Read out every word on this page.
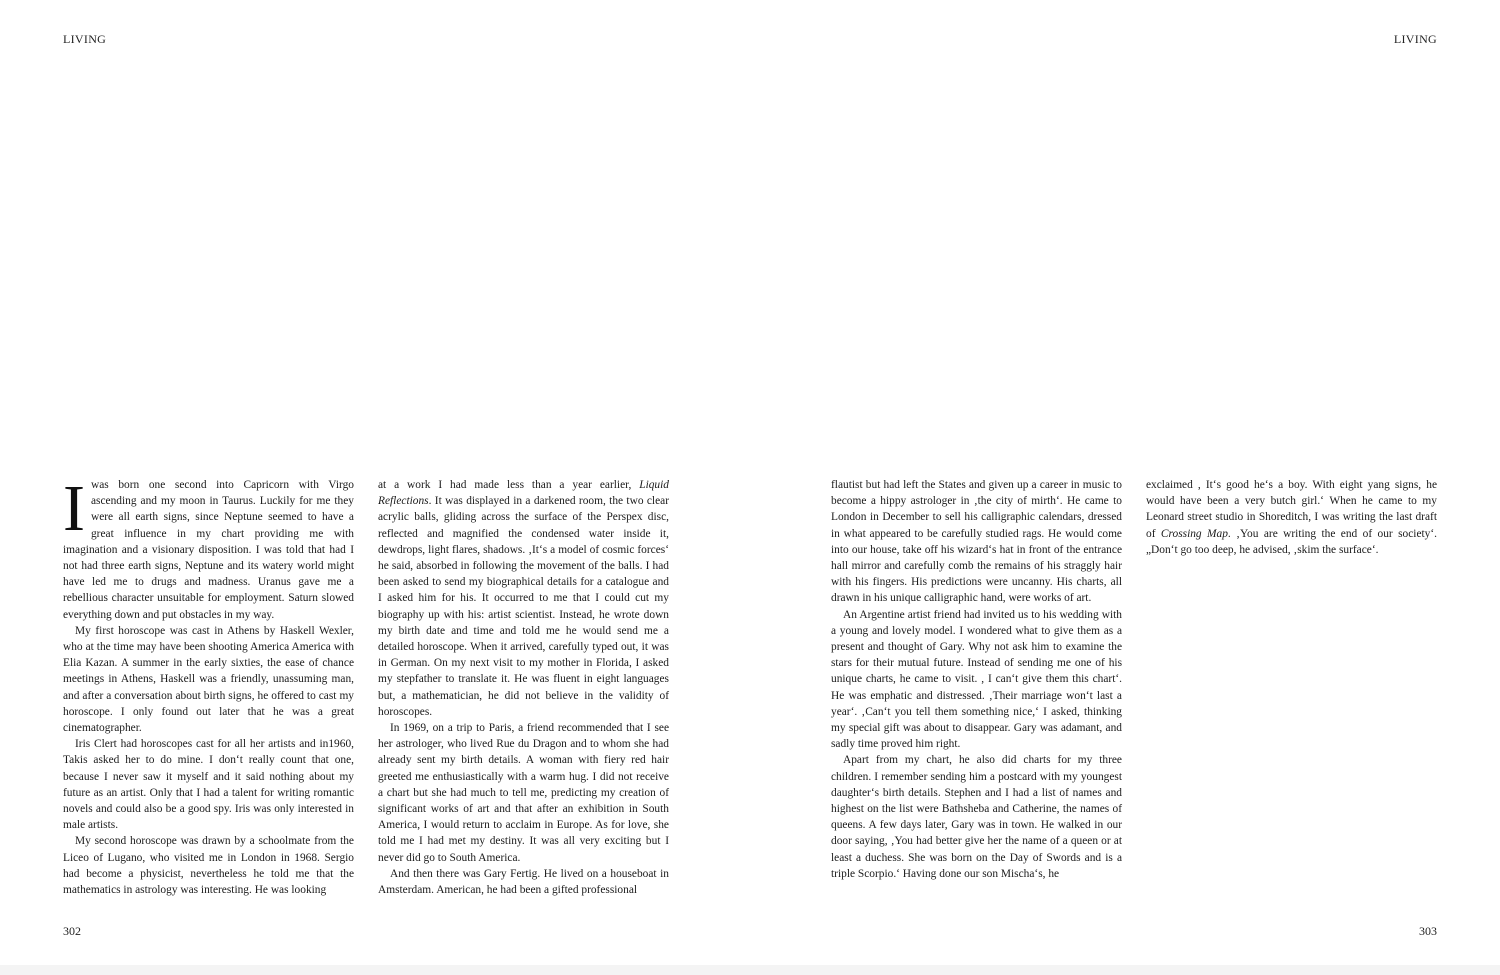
LIVING	LIVING

Iwas born one second into Capricorn with Virgo ascending and my moon in Taurus. Luckily for me they were all earth signs, since Neptune seemed to have a great influence in my chart providing me with imagination and a visionary disposition. I was told that had I not had three earth signs, Neptune and its watery world might have led me to drugs and madness. Uranus gave me a rebellious character unsuitable for employment. Saturn slowed everything down and put obstacles in my way.

My first horoscope was cast in Athens by Haskell Wexler, who at the time may have been shooting America America with Elia Kazan. A summer in the early sixties, the ease of chance meetings in Athens, Haskell was a friendly, unassuming man, and after a conversation about birth signs, he offered to cast my horoscope. I only found out later that he was a great cinematographer.

Iris Clert had horoscopes cast for all her artists and in1960, Takis asked her to do mine. I don‘t really count that one, because I never saw it myself and it said nothing about my future as an artist. Only that I had a talent for writing romantic novels and could also be a good spy. Iris was only interested in male artists.

My second horoscope was drawn by a schoolmate from the Liceo of Lugano, who visited me in London in 1968. Sergio had become a physicist, nevertheless he told me that the mathematics in astrology was interesting. He was looking

at a work I had made less than a year earlier, Liquid Reflections. It was displayed in a darkened room, the two clear acrylic balls, gliding across the surface of the Perspex disc, reflected and magnified the condensed water inside it, dewdrops, light flares, shadows. ‚It‘s a model of cosmic forces‘ he said, absorbed in following the movement of the balls. I had been asked to send my biographical details for a catalogue and I asked him for his. It occurred to me that I could cut my biography up with his: artist scientist. Instead, he wrote down my birth date and time and told me he would send me a detailed horoscope. When it arrived, carefully typed out, it was in German. On my next visit to my mother in Florida, I asked my stepfather to translate it. He was fluent in eight languages but, a mathematician, he did not believe in the validity of horoscopes.

In 1969, on a trip to Paris, a friend recommended that I see her astrologer, who lived Rue du Dragon and to whom she had already sent my birth details. A woman with fiery red hair greeted me enthusiastically with a warm hug. I did not receive a chart but she had much to tell me, predicting my creation of significant works of art and that after an exhibition in South America, I would return to acclaim in Europe. As for love, she told me I had met my destiny. It was all very exciting but I never did go to South America.

And then there was Gary Fertig. He lived on a houseboat in Amsterdam. American, he had been a gifted professional

flautist but had left the States and given up a career in music to become a hippy astrologer in ‚the city of mirth‘. He came to London in December to sell his calligraphic calendars, dressed in what appeared to be carefully studied rags. He would come into our house, take off his wizard‘s hat in front of the entrance hall mirror and carefully comb the remains of his straggly hair with his fingers. His predictions were uncanny. His charts, all drawn in his unique calligraphic hand, were works of art.

An Argentine artist friend had invited us to his wedding with a young and lovely model. I wondered what to give them as a present and thought of Gary. Why not ask him to examine the stars for their mutual future. Instead of sending me one of his unique charts, he came to visit. , I can‘t give them this chart‘. He was emphatic and distressed. ‚Their marriage won‘t last a year‘. ‚Can‘t you tell them something nice,‘ I asked, thinking my special gift was about to disappear. Gary was adamant, and sadly time proved him right.

Apart from my chart, he also did charts for my three children. I remember sending him a postcard with my youngest daughter‘s birth details. Stephen and I had a list of names and highest on the list were Bathsheba and Catherine, the names of queens. A few days later, Gary was in town. He walked in our door saying, ‚You had better give her the name of a queen or at least a duchess. She was born on the Day of Swords and is a triple Scorpio.‘ Having done our son Mischa‘s, he

exclaimed , It‘s good he‘s a boy. With eight yang signs, he would have been a very butch girl.‘ When he came to my Leonard street studio in Shoreditch, I was writing the last draft of Crossing Map. ‚You are writing the end of our society‘. „Don‘t go too deep, he advised, ‚skim the surface‘.

302	303
